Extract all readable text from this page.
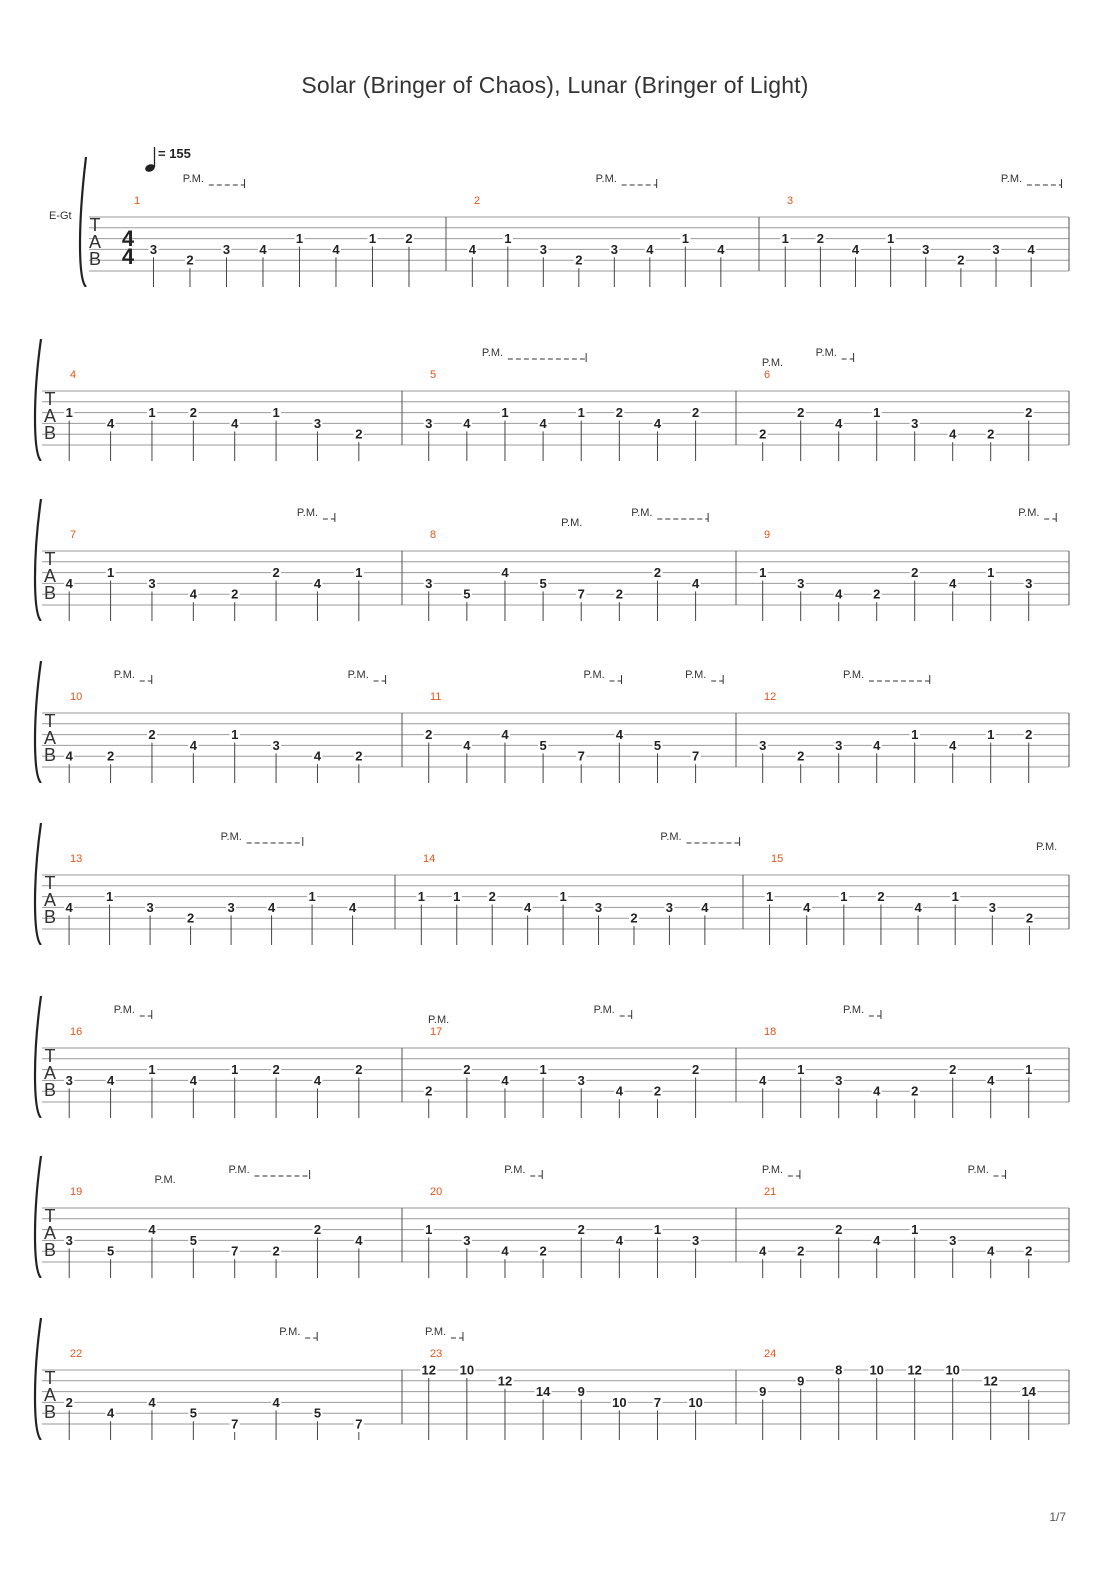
Solar (Bringer of Chaos), Lunar (Bringer of Light)
T
A
B
E-Gt
4
4
= 155
1
3
2
3 4
1
4
1 2
2
4
1
3
2
3 4
1
4
3
1 2
4
1
3
2
3 4
P.M.	P.M.	P.M.
T
A
B
4
1
4
1	2
4
1
3
2
5
3 4
1
4
1 2
4
2
6
2
2
4
1
3
4 2
2
P.M.
P.M.
P.M.
T
A
B
7
4
1
3
4	2
2
4
1
8
3
5
4
5
7 2
2
4
9
1
3
4 2
2
4
1
3
P.M.
P.M.
P.M.	P.M.
T
A
B
10
4	2
2
4
1
3
4	2
11
2
4
4
5
7
4
5
7
12
3
2
3 4
1
4
1 2
P.M.	P.M.	P.M.	P.M.	P.M.
T
A
B
13
4
1
3
2
3	4
1
4
14
1 1 2
4
1
3
2
3 4
15
1
4
1 2
4
1
3
2
P.M.	P.M.
P.M.
T
A
B
16
3	4
1
4
1	2
4
2
17
2
2
4
1
3
4 2
2
18
4
1
3
4 2
2
4
1
P.M.
P.M.
P.M.	P.M.
T
A
B
19
3
5
4
5
7	2
2
4
20
1
3
4 2
2
4
1
3
21
4 2
2
4
1
3
4 2
P.M.
P.M.	P.M.	P.M.	P.M.
T
A
B
22
2
4
4
5
7
4
5
7
23
12 10
12
14 9
10 7 10
24
9
9
8 10 12 10
12
14
P.M.	P.M.
1/7
